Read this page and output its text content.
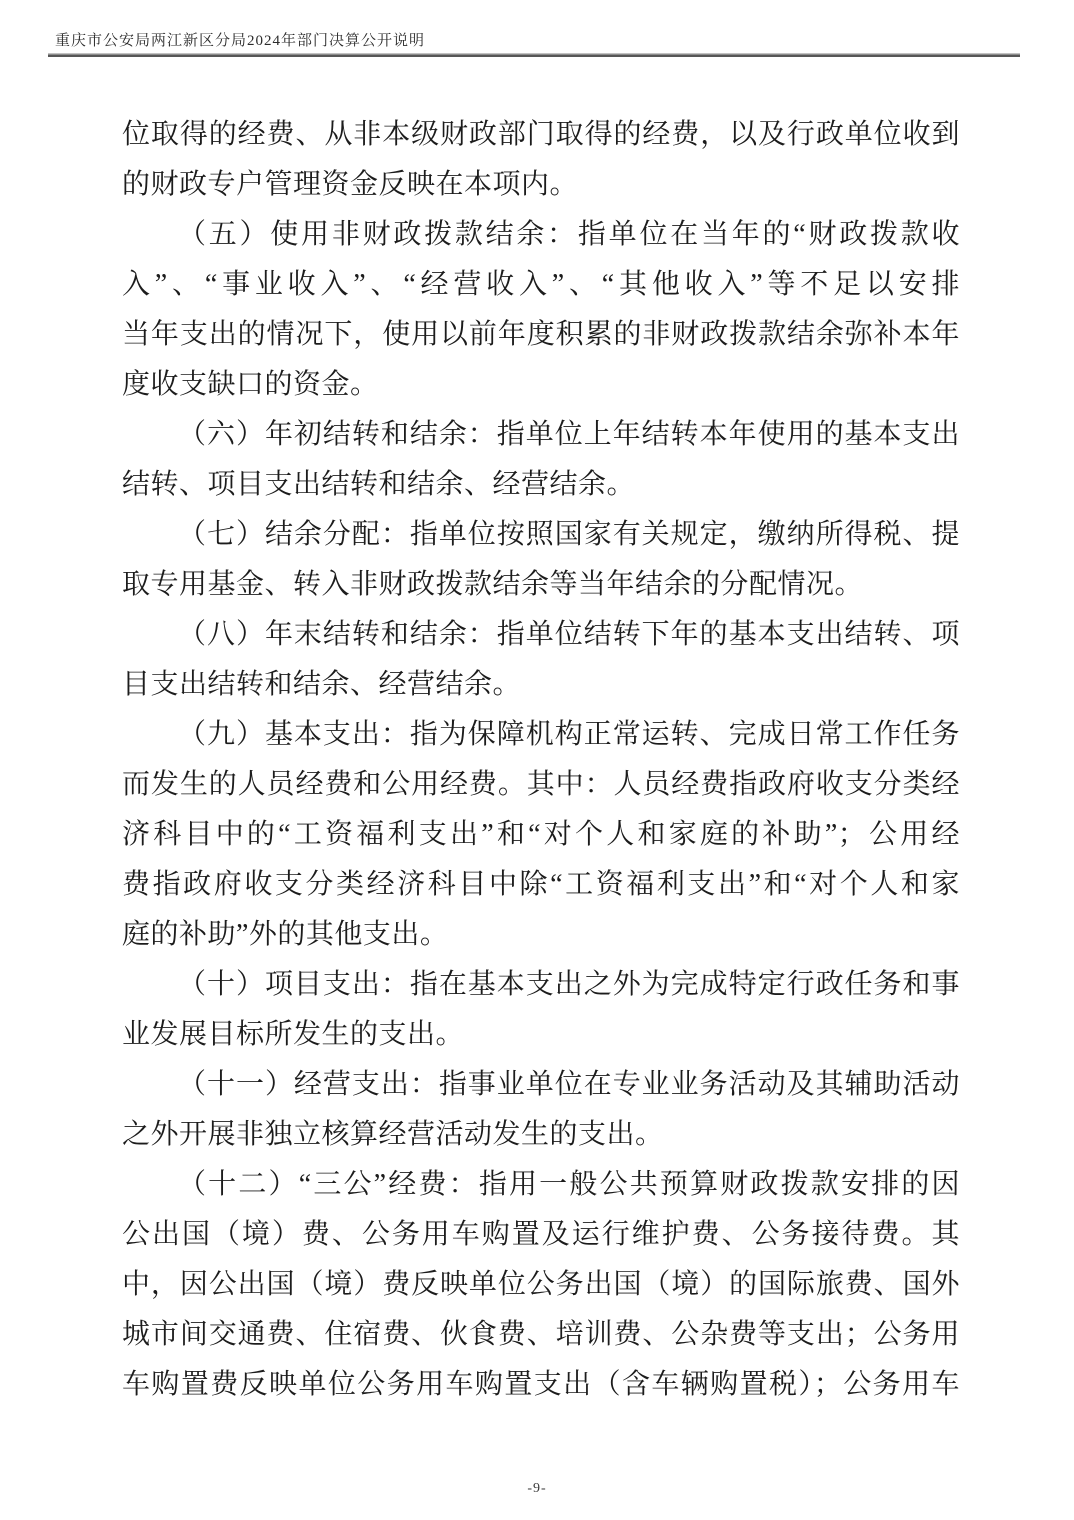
重庆市公安局两江新区分局2024年部门决算公开说明
位取得的经费、从非本级财政部门取得的经费，以及行政单位收到
的财政专户管理资金反映在本项内。
（五）使用非财政拨款结余：指单位在当年的“财政拨款收
入”、“事业收入”、“经营收入”、“其他收入”等不足以安排
当年支出的情况下，使用以前年度积累的非财政拨款结余弥补本年
度收支缺口的资金。
（六）年初结转和结余：指单位上年结转本年使用的基本支出
结转、项目支出结转和结余、经营结余。
（七）结余分配：指单位按照国家有关规定，缴纳所得税、提
取专用基金、转入非财政拨款结余等当年结余的分配情况。
（八）年末结转和结余：指单位结转下年的基本支出结转、项
目支出结转和结余、经营结余。
（九）基本支出：指为保障机构正常运转、完成日常工作任务
而发生的人员经费和公用经费。其中：人员经费指政府收支分类经
济科目中的“工资福利支出”和“对个人和家庭的补助”；公用经
费指政府收支分类经济科目中除“工资福利支出”和“对个人和家
庭的补助”外的其他支出。
（十）项目支出：指在基本支出之外为完成特定行政任务和事
业发展目标所发生的支出。
（十一）经营支出：指事业单位在专业业务活动及其辅助活动
之外开展非独立核算经营活动发生的支出。
（十二）“三公”经费：指用一般公共预算财政拨款安排的因
公出国（境）费、公务用车购置及运行维护费、公务接待费。其
中，因公出国（境）费反映单位公务出国（境）的国际旅费、国外
城市间交通费、住宿费、伙食费、培训费、公杂费等支出；公务用
车购置费反映单位公务用车购置支出（含车辆购置税）；公务用车
-9-
